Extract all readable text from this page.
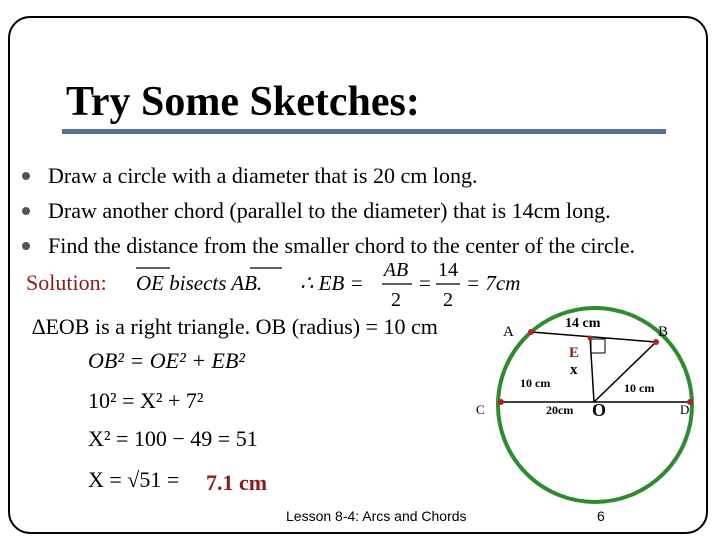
Try Some Sketches:
Draw a circle with a diameter that is 20 cm long.
Draw another chord (parallel to the diameter) that is 14cm long.
Find the distance from the smaller chord to the center of the circle.
Solution: OE bisects AB. ∴ EB =
AB
2
=
14
2
= 7cm
OB² = OE² + EB²
10² = X² + 7²
X² = 100 − 49 = 51
X = √51 =
∆EOB is a right triangle. OB (radius) = 10 cm
7.1 cm
A	B
C	D
E
x
O
14 cm
20cm
10 cm	10 cm
Lesson 8-4: Arcs and Chords	6
